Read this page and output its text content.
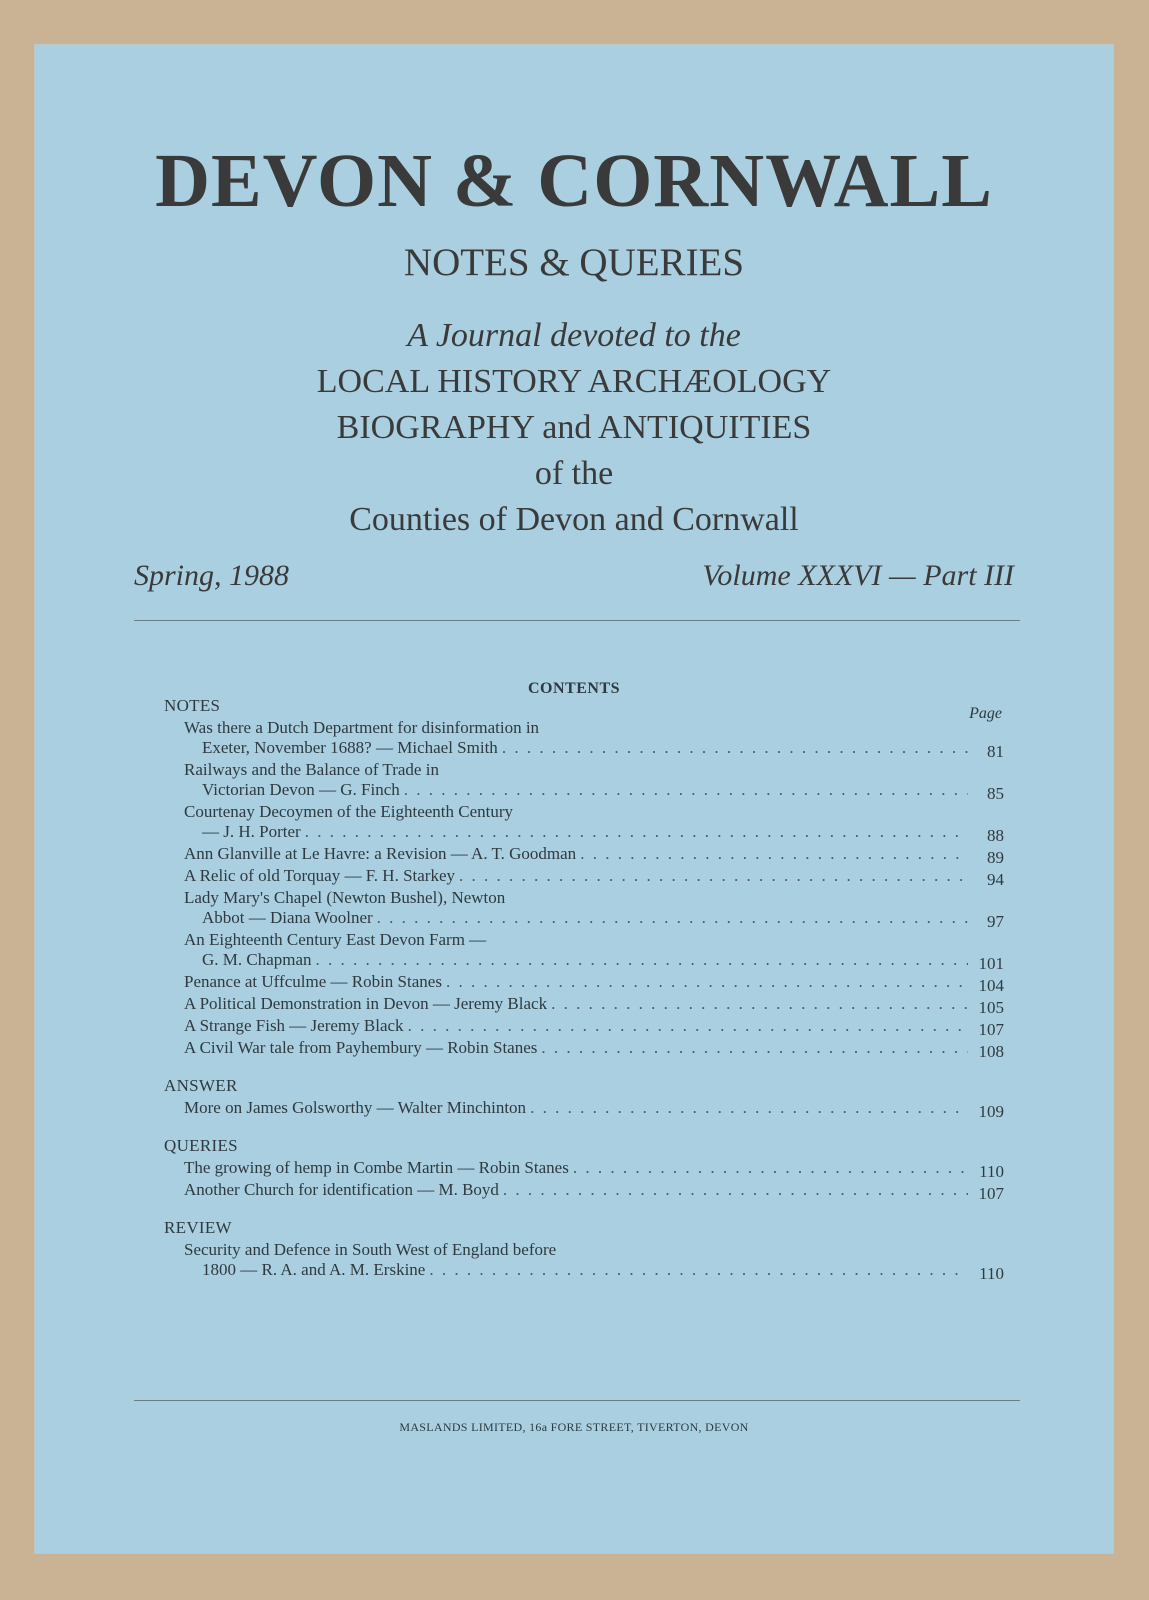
DEVON & CORNWALL
NOTES & QUERIES
A Journal devoted to the
LOCAL HISTORY ARCHÆOLOGY
BIOGRAPHY and ANTIQUITIES
of the
Counties of Devon and Cornwall
Spring, 1988	Volume XXXVI — Part III
CONTENTS
Page
NOTES
Was there a Dutch Department for disinformation in
Exeter, November 1688? — Michael Smith . . .	81
Railways and the Balance of Trade in
Victorian Devon — G. Finch . . .	85
Courtenay Decoymen of the Eighteenth Century
— J. H. Porter . . .	88
Ann Glanville at Le Havre: a Revision — A. T. Goodman . . .	89
A Relic of old Torquay — F. H. Starkey . . .	94
Lady Mary's Chapel (Newton Bushel), Newton
Abbot — Diana Woolner . . .	97
An Eighteenth Century East Devon Farm —
G. M. Chapman . . .	101
Penance at Uffculme — Robin Stanes . . .	104
A Political Demonstration in Devon — Jeremy Black . . .	105
A Strange Fish — Jeremy Black . . .	107
A Civil War tale from Payhembury — Robin Stanes . . .	108
ANSWER
More on James Golsworthy — Walter Minchinton . . .	109
QUERIES
The growing of hemp in Combe Martin — Robin Stanes . . .	110
Another Church for identification — M. Boyd . . .	107
REVIEW
Security and Defence in South West of England before
1800 — R. A. and A. M. Erskine . . .	110
MASLANDS LIMITED, 16a FORE STREET, TIVERTON, DEVON
